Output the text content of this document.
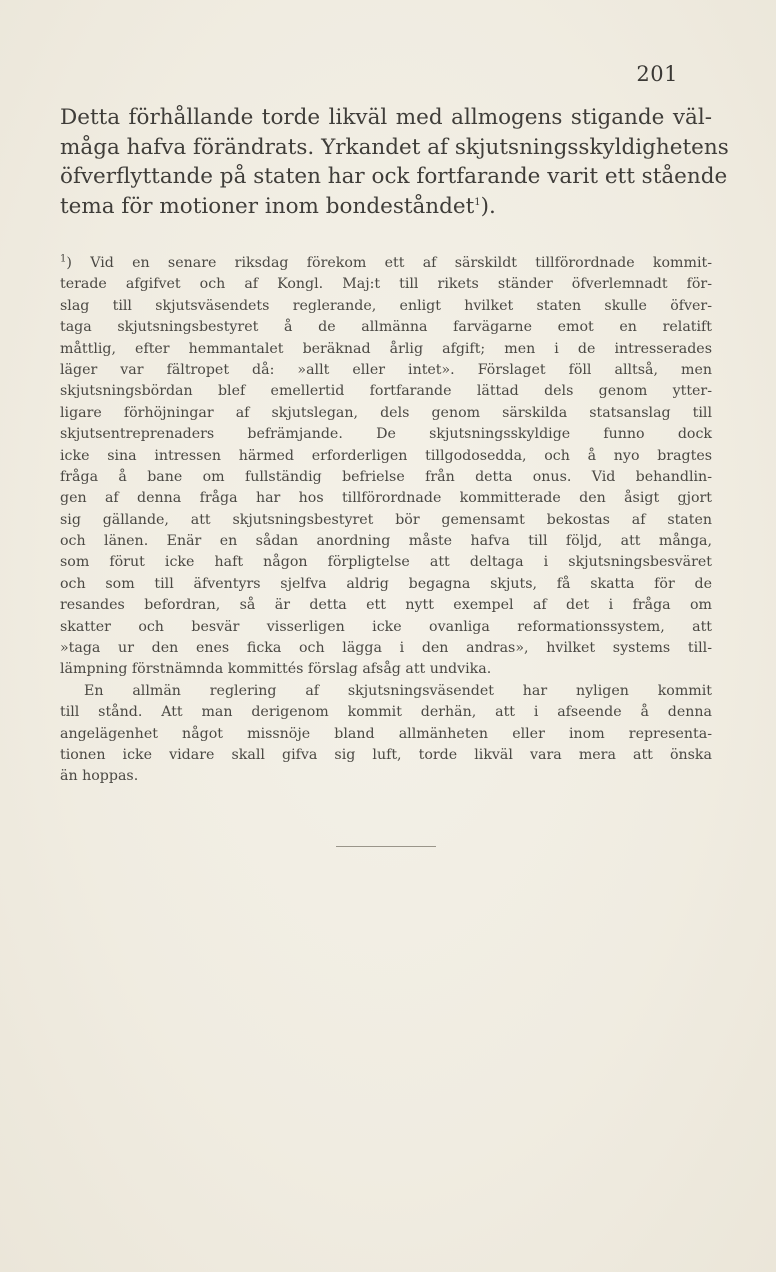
201
Detta förhållande torde likväl med allmogens stigande väl-
måga hafva förändrats. Yrkandet af skjutsningsskyldighetens
öfverflyttande på staten har ock fortfarande varit ett stående
tema för motioner inom bondeståndet$^1$).
$^1$) Vid en senare riksdag förekom ett af särskildt tillförordnade kommit-
terade afgifvet och af Kongl. Maj:t till rikets ständer öfverlemnadt för-
slag till skjutsväsendets reglerande, enligt hvilket staten skulle öfver-
taga skjutsningsbestyret å de allmänna farvägarne emot en relatift
måttlig, efter hemmantalet beräknad årlig afgift; men i de intresserades
läger var fältropet då: »allt eller intet». Förslaget föll alltså, men
skjutsningsbördan blef emellertid fortfarande lättad dels genom ytter-
ligare förhöjningar af skjutslegan, dels genom särskilda statsanslag till
skjutsentreprenaders befrämjande. De skjutsningsskyldige funno dock
icke sina intressen härmed erforderligen tillgodosedda, och å nyo bragtes
fråga å bane om fullständig befrielse från detta onus. Vid behandlin-
gen af denna fråga har hos tillförordnade kommitterade den åsigt gjort
sig gällande, att skjutsningsbestyret bör gemensamt bekostas af staten
och länen. Enär en sådan anordning måste hafva till följd, att många,
som förut icke haft någon förpligtelse att deltaga i skjutsningsbesväret
och som till äfventyrs sjelfva aldrig begagna skjuts, få skatta för de
resandes befordran, så är detta ett nytt exempel af det i fråga om
skatter och besvär visserligen icke ovanliga reformationssystem, att
»taga ur den enes ficka och lägga i den andras», hvilket systems till-
lämpning förstnämnda kommittés förslag afsåg att undvika.
En allmän reglering af skjutsningsväsendet har nyligen kommit
till stånd. Att man derigenom kommit derhän, att i afseende å denna
angelägenhet något missnöje bland allmänheten eller inom representa-
tionen icke vidare skall gifva sig luft, torde likväl vara mera att önska
än hoppas.
